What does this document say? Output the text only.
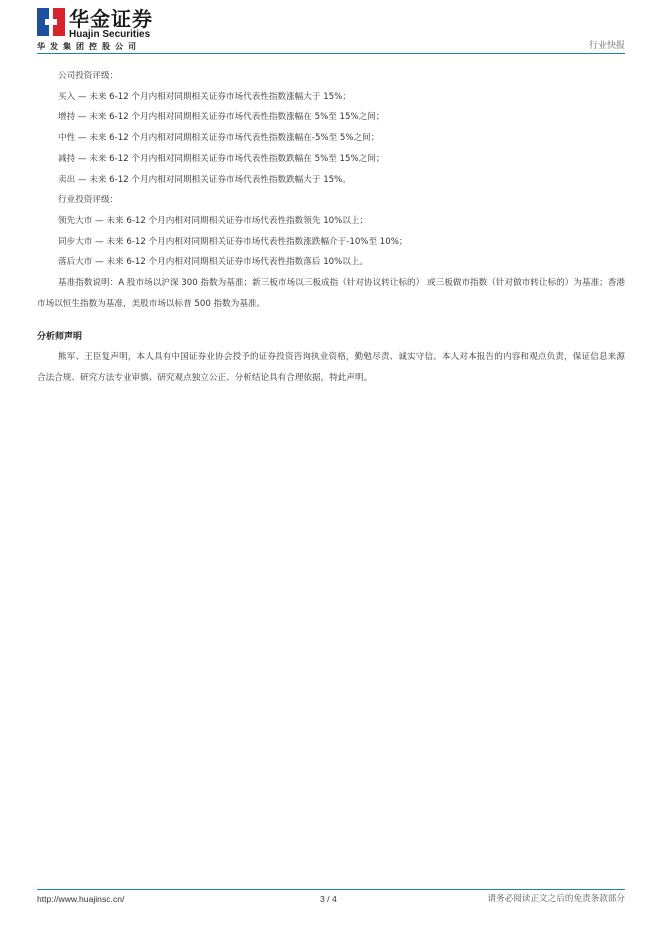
华金证券
Huajin Securities
华发集团控股公司	行业快报
公司投资评级：
买入 — 未来 6-12 个月内相对同期相关证券市场代表性指数涨幅大于 15%；
增持 — 未来 6-12 个月内相对同期相关证券市场代表性指数涨幅在 5%至 15%之间；
中性 — 未来 6-12 个月内相对同期相关证券市场代表性指数涨幅在-5%至 5%之间；
减持 — 未来 6-12 个月内相对同期相关证券市场代表性指数跌幅在 5%至 15%之间；
卖出 — 未来 6-12 个月内相对同期相关证券市场代表性指数跌幅大于 15%。
行业投资评级：
领先大市 — 未来 6-12 个月内相对同期相关证券市场代表性指数领先 10%以上；
同步大市 — 未来 6-12 个月内相对同期相关证券市场代表性指数涨跌幅介于-10%至 10%；
落后大市 — 未来 6-12 个月内相对同期相关证券市场代表性指数落后 10%以上。
基准指数说明：A 股市场以沪深 300 指数为基准；新三板市场以三板成指（针对协议转让标的） 或三板做市指数（针对做市转让标的）为基准；香港市场以恒生指数为基准，美股市场以标普 500 指数为基准。
分析师声明
熊军、王臣复声明，本人具有中国证券业协会授予的证券投资咨询执业资格，勤勉尽责、诚实守信。本人对本报告的内容和观点负责，保证信息来源合法合规、研究方法专业审慎、研究观点独立公正、分析结论具有合理依据，特此声明。
http://www.huajinsc.cn/	3 / 4	请务必阅读正文之后的免责条款部分
